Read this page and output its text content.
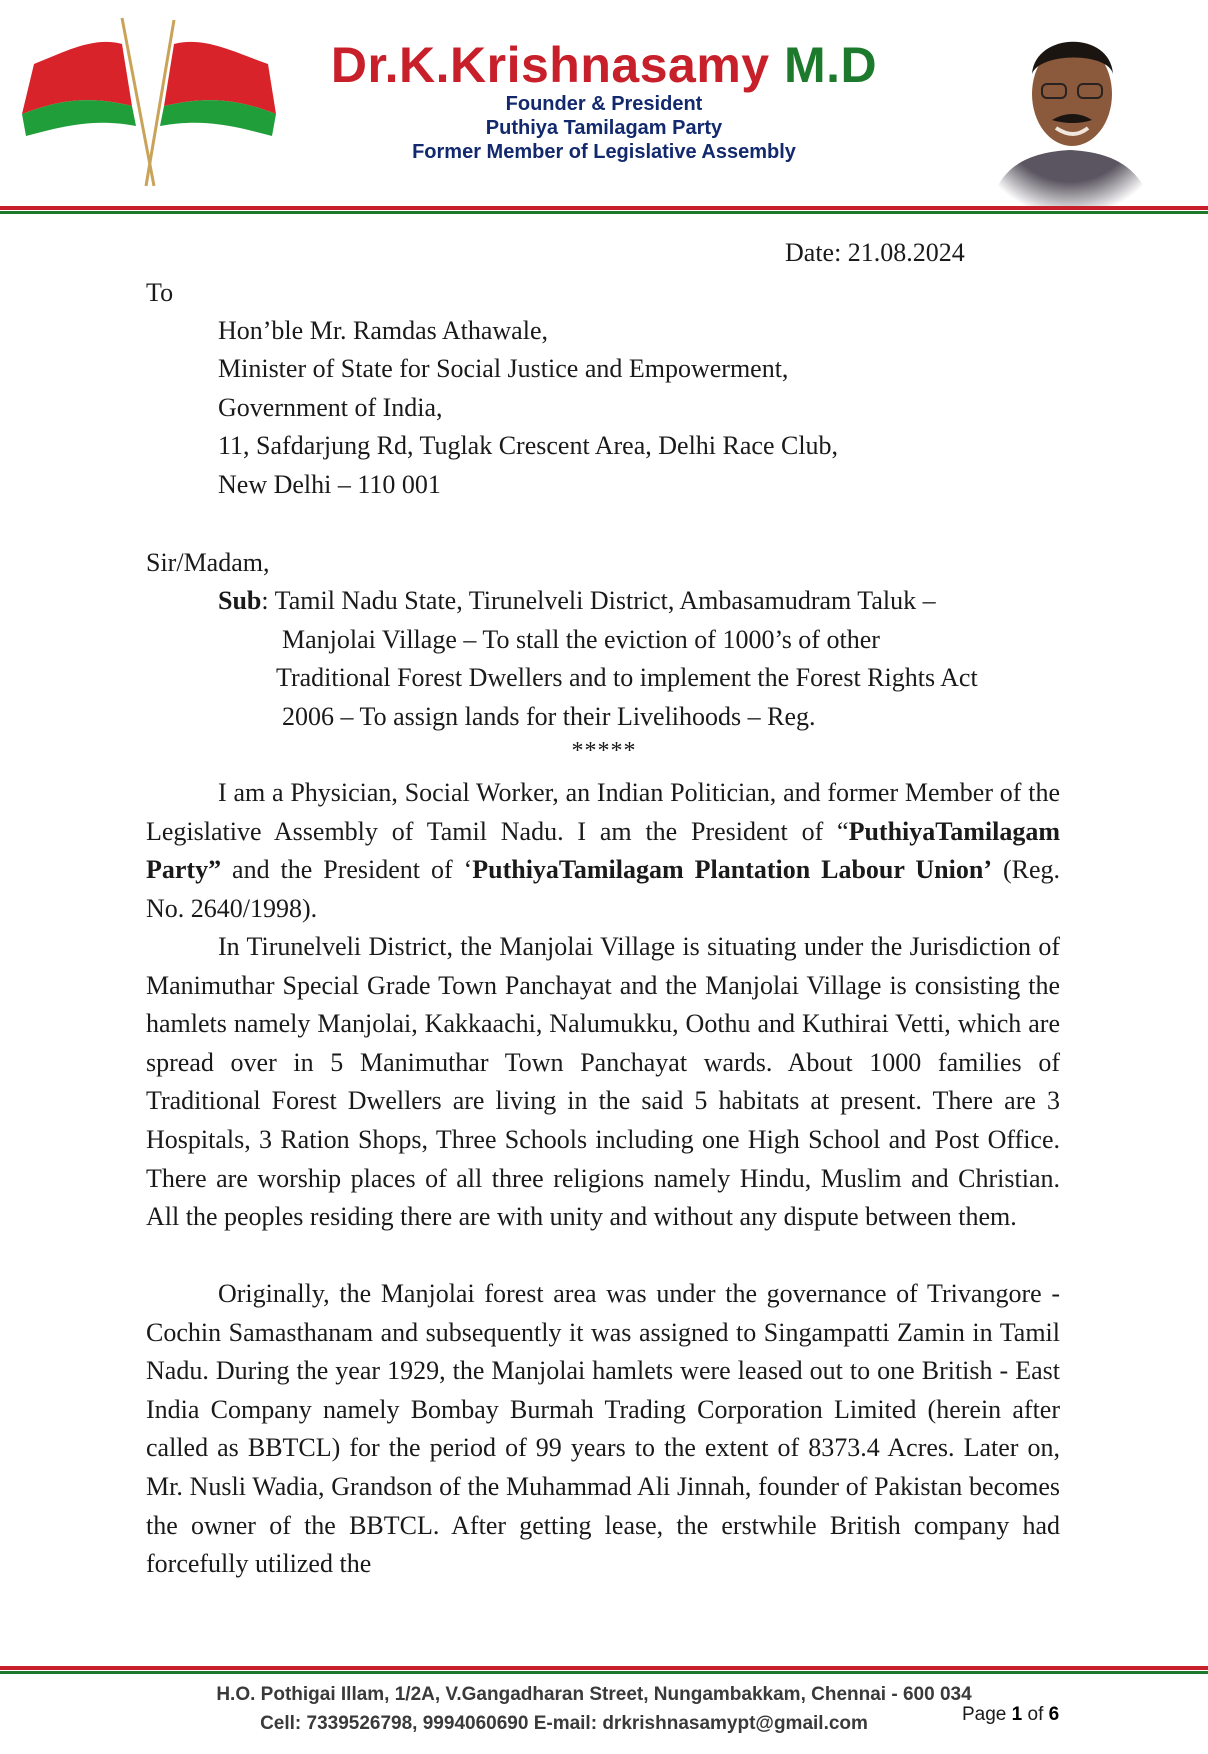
Dr.K.Krishnasamy M.D
Founder & President
Puthiya Tamilagam Party
Former Member of Legislative Assembly
Date: 21.08.2024
To
Hon’ble Mr. Ramdas Athawale,
Minister of State for Social Justice and Empowerment,
Government of India,
11, Safdarjung Rd, Tuglak Crescent Area, Delhi Race Club,
New Delhi – 110 001
Sir/Madam,
Sub: Tamil Nadu State, Tirunelveli District, Ambasamudram Taluk –
Manjolai Village – To stall the eviction of 1000’s of other
Traditional Forest Dwellers and to implement the Forest Rights Act
2006 – To assign lands for their Livelihoods – Reg.
*****
I am a Physician, Social Worker, an Indian Politician, and former Member of the Legislative Assembly of Tamil Nadu. I am the President of “PuthiyaTamilagam Party” and the President of ‘PuthiyaTamilagam Plantation Labour Union’ (Reg. No. 2640/1998).
In Tirunelveli District, the Manjolai Village is situating under the Jurisdiction of Manimuthar Special Grade Town Panchayat and the Manjolai Village is consisting the hamlets namely Manjolai, Kakkaachi, Nalumukku, Oothu and Kuthirai Vetti, which are spread over in 5 Manimuthar Town Panchayat wards. About 1000 families of Traditional Forest Dwellers are living in the said 5 habitats at present. There are 3 Hospitals, 3 Ration Shops, Three Schools including one High School and Post Office. There are worship places of all three religions namely Hindu, Muslim and Christian. All the peoples residing there are with unity and without any dispute between them.
Originally, the Manjolai forest area was under the governance of Trivangore - Cochin Samasthanam and subsequently it was assigned to Singampatti Zamin in Tamil Nadu. During the year 1929, the Manjolai hamlets were leased out to one British - East India Company namely Bombay Burmah Trading Corporation Limited (herein after called as BBTCL) for the period of 99 years to the extent of 8373.4 Acres. Later on, Mr. Nusli Wadia, Grandson of the Muhammad Ali Jinnah, founder of Pakistan becomes the owner of the BBTCL. After getting lease, the erstwhile British company had forcefully utilized the
H.O. Pothigai Illam, 1/2A, V.Gangadharan Street, Nungambakkam, Chennai - 600 034
Cell: 7339526798, 9994060690 E-mail: drkrishnasamypt@gmail.com	Page 1 of 6
